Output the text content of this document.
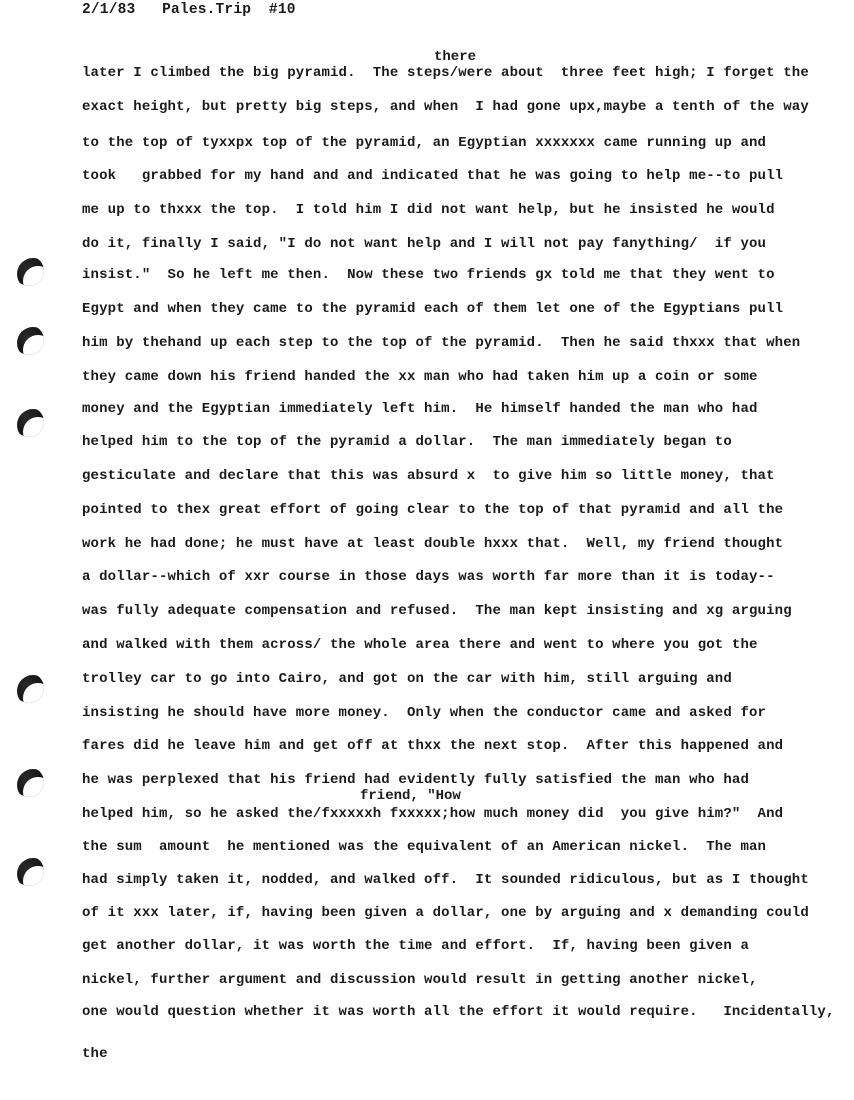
2/1/83   Pales.Trip  #10
there
friend, "How
later I climbed the big pyramid.  The steps/were about  three feet high; I forget the
exact height, but pretty big steps, and when  I had gone upx,maybe a tenth of the way
to the top of tyxxpx top of the pyramid, an Egyptian xxxxxxx came running up and
took   grabbed for my hand and and indicated that he was going to help me--to pull
me up to thxxx the top.  I told him I did not want help, but he insisted he would
do it, finally I said, "I do not want help and I will not pay fanything/  if you
insist."  So he left me then.  Now these two friends gx told me that they went to
Egypt and when they came to the pyramid each of them let one of the Egyptians pull
him by thehand up each step to the top of the pyramid.  Then he said thxxx that when
they came down his friend handed the xx man who had taken him up a coin or some
money and the Egyptian immediately left him.  He himself handed the man who had
helped him to the top of the pyramid a dollar.  The man immediately began to
gesticulate and declare that this was absurd x  to give him so little money, that
pointed to thex great effort of going clear to the top of that pyramid and all the
work he had done; he must have at least double hxxx that.  Well, my friend thought
a dollar--which of xxr course in those days was worth far more than it is today--
was fully adequate compensation and refused.  The man kept insisting and xg arguing
and walked with them across/ the whole area there and went to where you got the
trolley car to go into Cairo, and got on the car with him, still arguing and
insisting he should have more money.  Only when the conductor came and asked for
fares did he leave him and get off at thxx the next stop.  After this happened and
he was perplexed that his friend had evidently fully satisfied the man who had
helped him, so he asked the/fxxxxxh fxxxxx;how much money did  you give him?"  And
the sum  amount  he mentioned was the equivalent of an American nickel.  The man
had simply taken it, nodded, and walked off.  It sounded ridiculous, but as I thought
of it xxx later, if, having been given a dollar, one by arguing and x demanding could
get another dollar, it was worth the time and effort.  If, having been given a
nickel, further argument and discussion would result in getting another nickel,
one would question whether it was worth all the effort it would require.   Incidentally,
the
